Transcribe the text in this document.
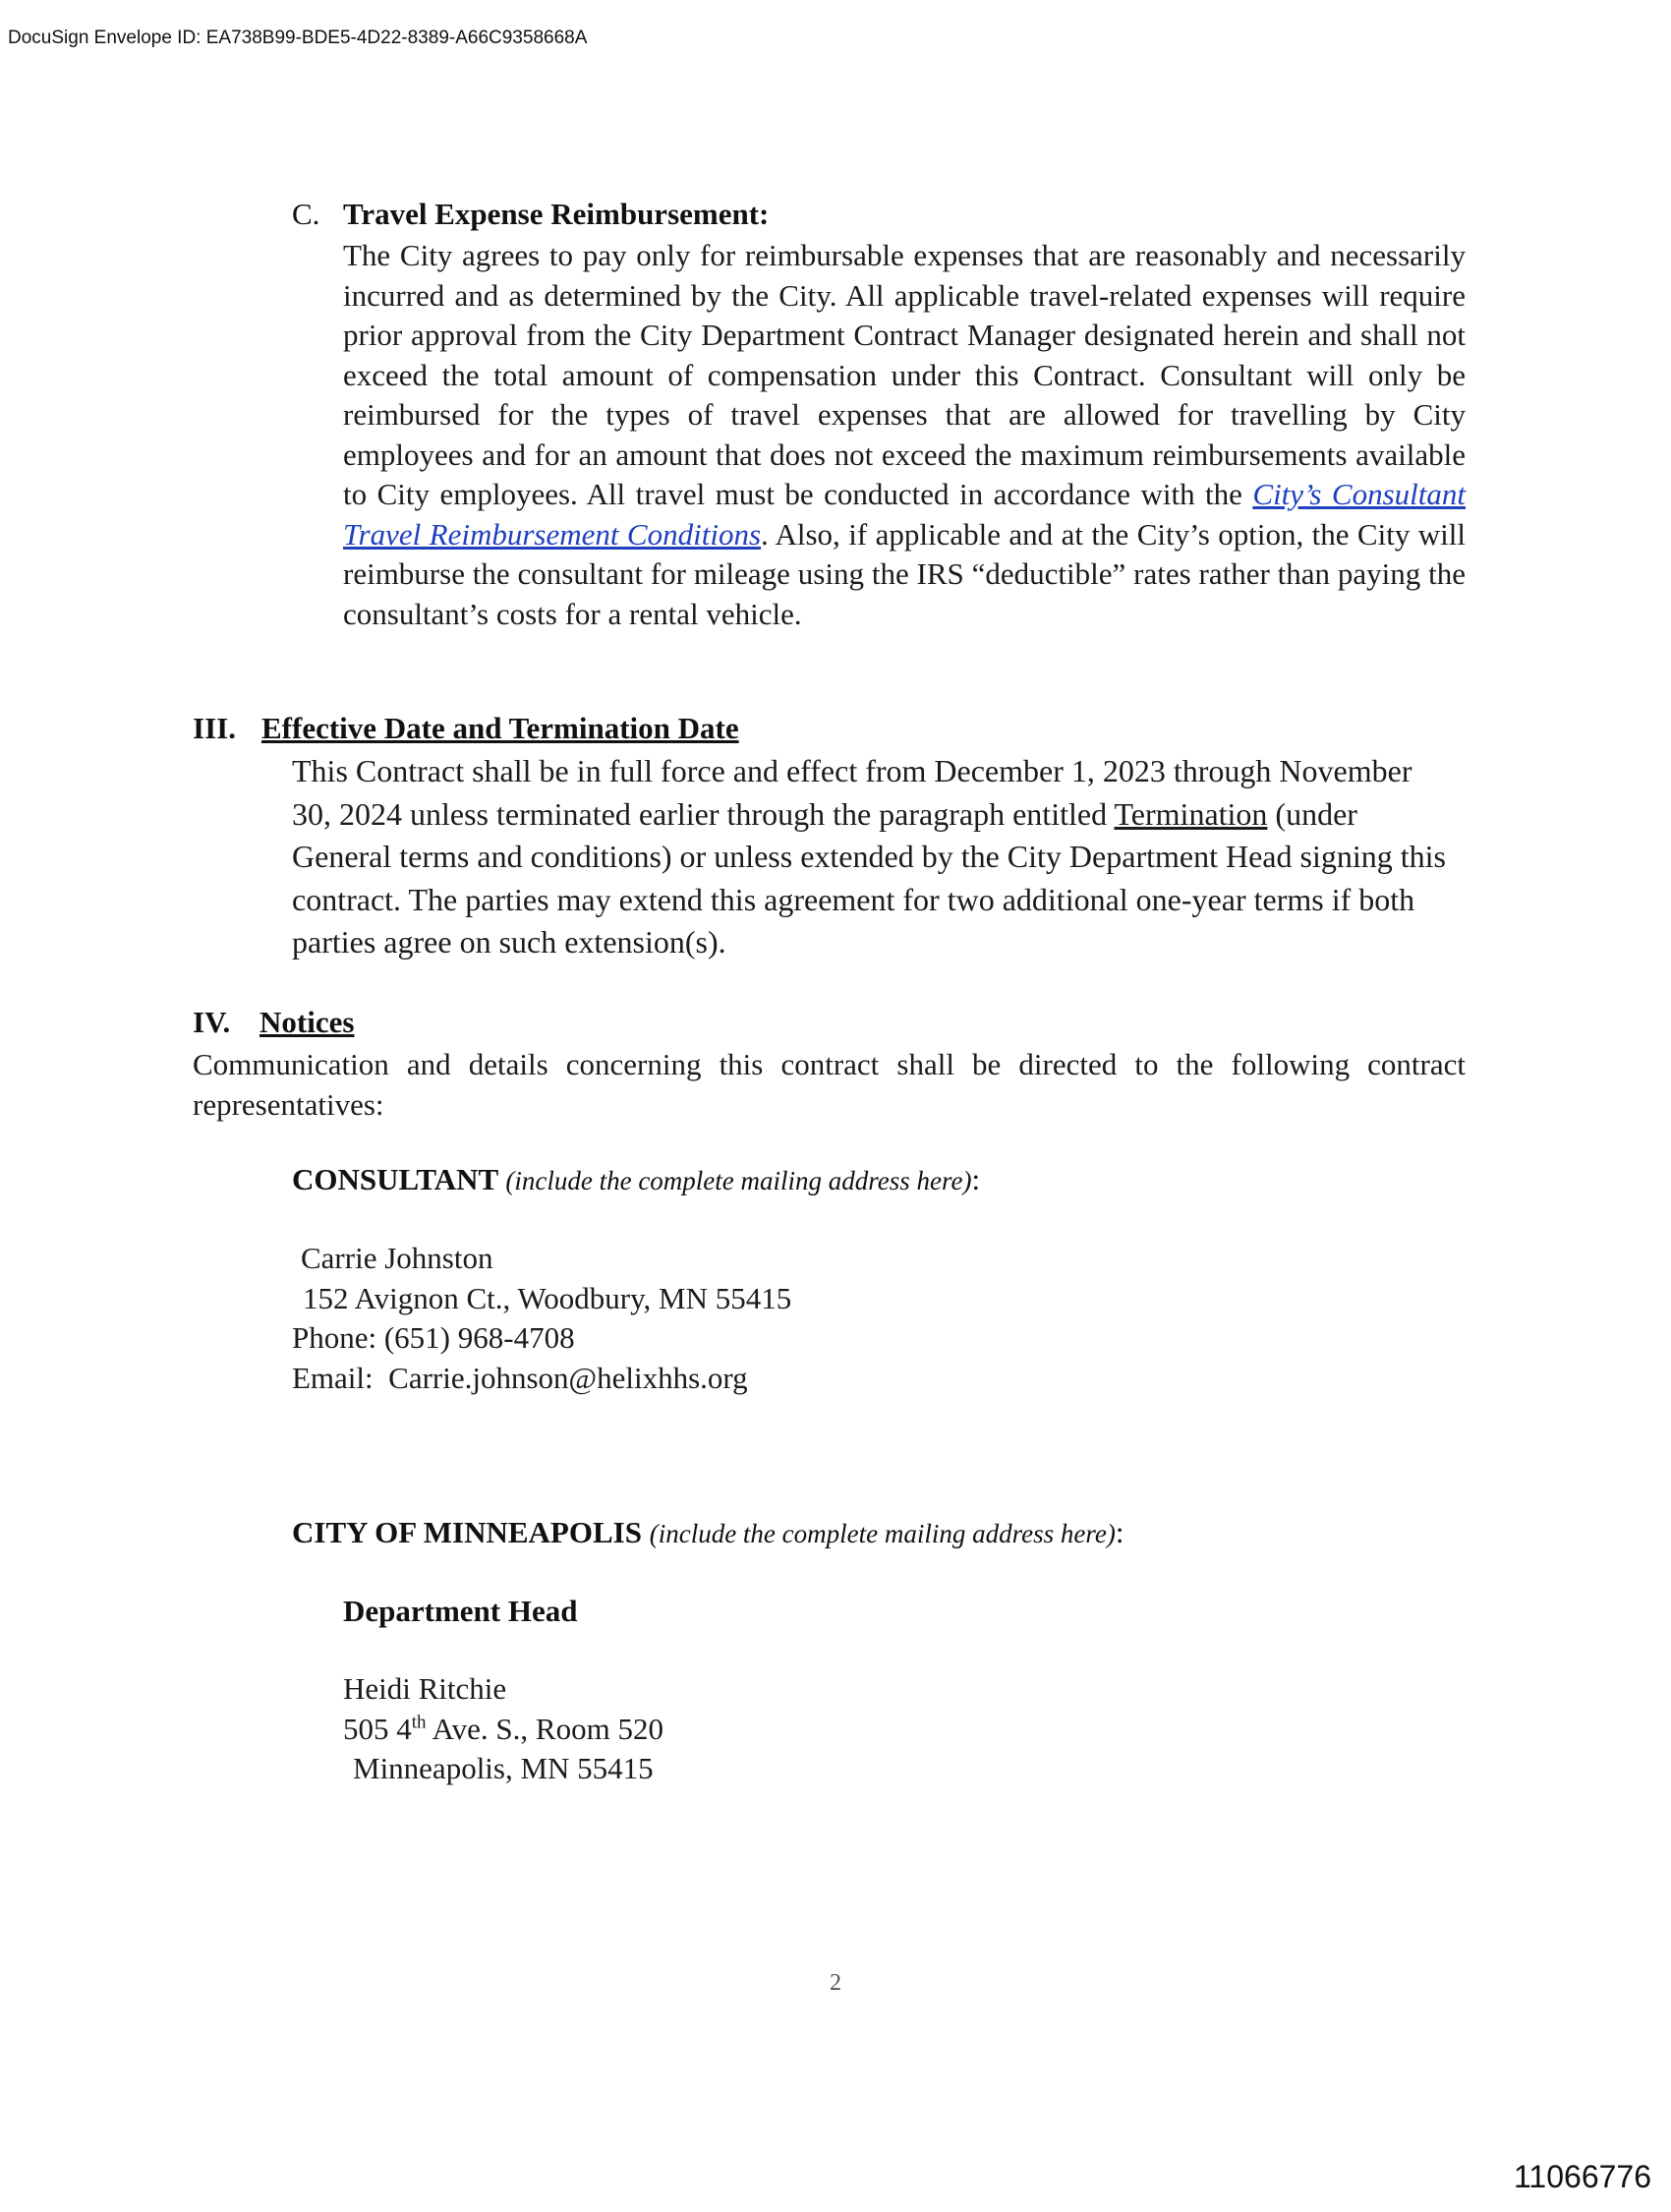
DocuSign Envelope ID: EA738B99-BDE5-4D22-8389-A66C9358668A
C. Travel Expense Reimbursement:
The City agrees to pay only for reimbursable expenses that are reasonably and necessarily incurred and as determined by the City. All applicable travel-related expenses will require prior approval from the City Department Contract Manager designated herein and shall not exceed the total amount of compensation under this Contract. Consultant will only be reimbursed for the types of travel expenses that are allowed for travelling by City employees and for an amount that does not exceed the maximum reimbursements available to City employees. All travel must be conducted in accordance with the City’s Consultant Travel Reimbursement Conditions. Also, if applicable and at the City’s option, the City will reimburse the consultant for mileage using the IRS “deductible” rates rather than paying the consultant’s costs for a rental vehicle.
III. Effective Date and Termination Date
This Contract shall be in full force and effect from December 1, 2023 through November 30, 2024 unless terminated earlier through the paragraph entitled Termination (under General terms and conditions) or unless extended by the City Department Head signing this contract. The parties may extend this agreement for two additional one-year terms if both parties agree on such extension(s).
IV. Notices
Communication and details concerning this contract shall be directed to the following contract representatives:
CONSULTANT (include the complete mailing address here):
Carrie Johnston
152 Avignon Ct., Woodbury, MN 55415
Phone: (651) 968-4708
Email: Carrie.johnson@helixhhs.org
CITY OF MINNEAPOLIS (include the complete mailing address here):
Department Head
Heidi Ritchie
505 4th Ave. S., Room 520
Minneapolis, MN 55415
2
11066776
